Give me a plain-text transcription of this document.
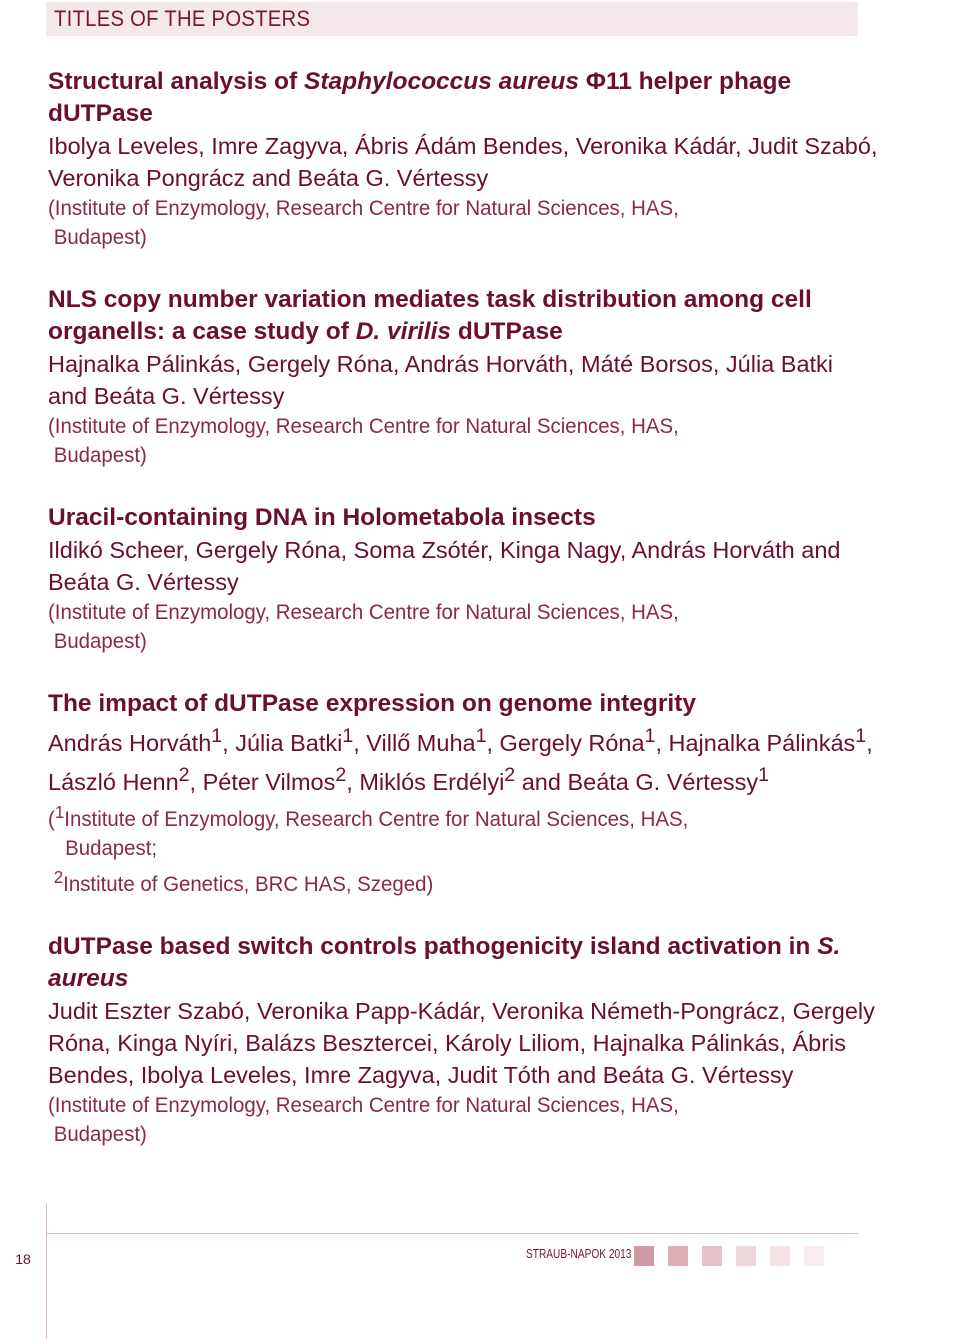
TITLES OF THE POSTERS

Structural analysis of Staphylococcus aureus Φ11 helper phage dUTPase

Ibolya Leveles, Imre Zagyva, Ábris Ádám Bendes, Veronika Kádár, Judit Szabó, Veronika Pongrácz and Beáta G. Vértessy

(Institute of Enzymology, Research Centre for Natural Sciences, HAS,
Budapest)

NLS copy number variation mediates task distribution among cell organells: a case study of D. virilis dUTPase

Hajnalka Pálinkás, Gergely Róna, András Horváth, Máté Borsos, Júlia Batki and Beáta G. Vértessy

(Institute of Enzymology, Research Centre for Natural Sciences, HAS,
Budapest)

Uracil-containing DNA in Holometabola insects

Ildikó Scheer, Gergely Róna, Soma Zsótér, Kinga Nagy, András Horváth and Beáta G. Vértessy

(Institute of Enzymology, Research Centre for Natural Sciences, HAS,
Budapest)

The impact of dUTPase expression on genome integrity

András Horváth$^1$, Júlia Batki$^1$, Villő Muha$^1$, Gergely Róna$^1$, Hajnalka Pálinkás$^1$, László Henn$^2$, Péter Vilmos$^2$, Miklós Erdélyi$^2$ and Beáta G. Vértessy$^1$

($^1$Institute of Enzymology, Research Centre for Natural Sciences, HAS,
Budapest;
$^2$Institute of Genetics, BRC HAS, Szeged)

dUTPase based switch controls pathogenicity island activation in S. aureus

Judit Eszter Szabó, Veronika Papp-Kádár, Veronika Németh-Pongrácz, Gergely Róna, Kinga Nyíri, Balázs Besztercei, Károly Liliom, Hajnalka Pálinkás, Ábris Bendes, Ibolya Leveles, Imre Zagyva, Judit Tóth and Beáta G. Vértessy

(Institute of Enzymology, Research Centre for Natural Sciences, HAS,
Budapest)

18	STRAUB-NAPOK 2013
